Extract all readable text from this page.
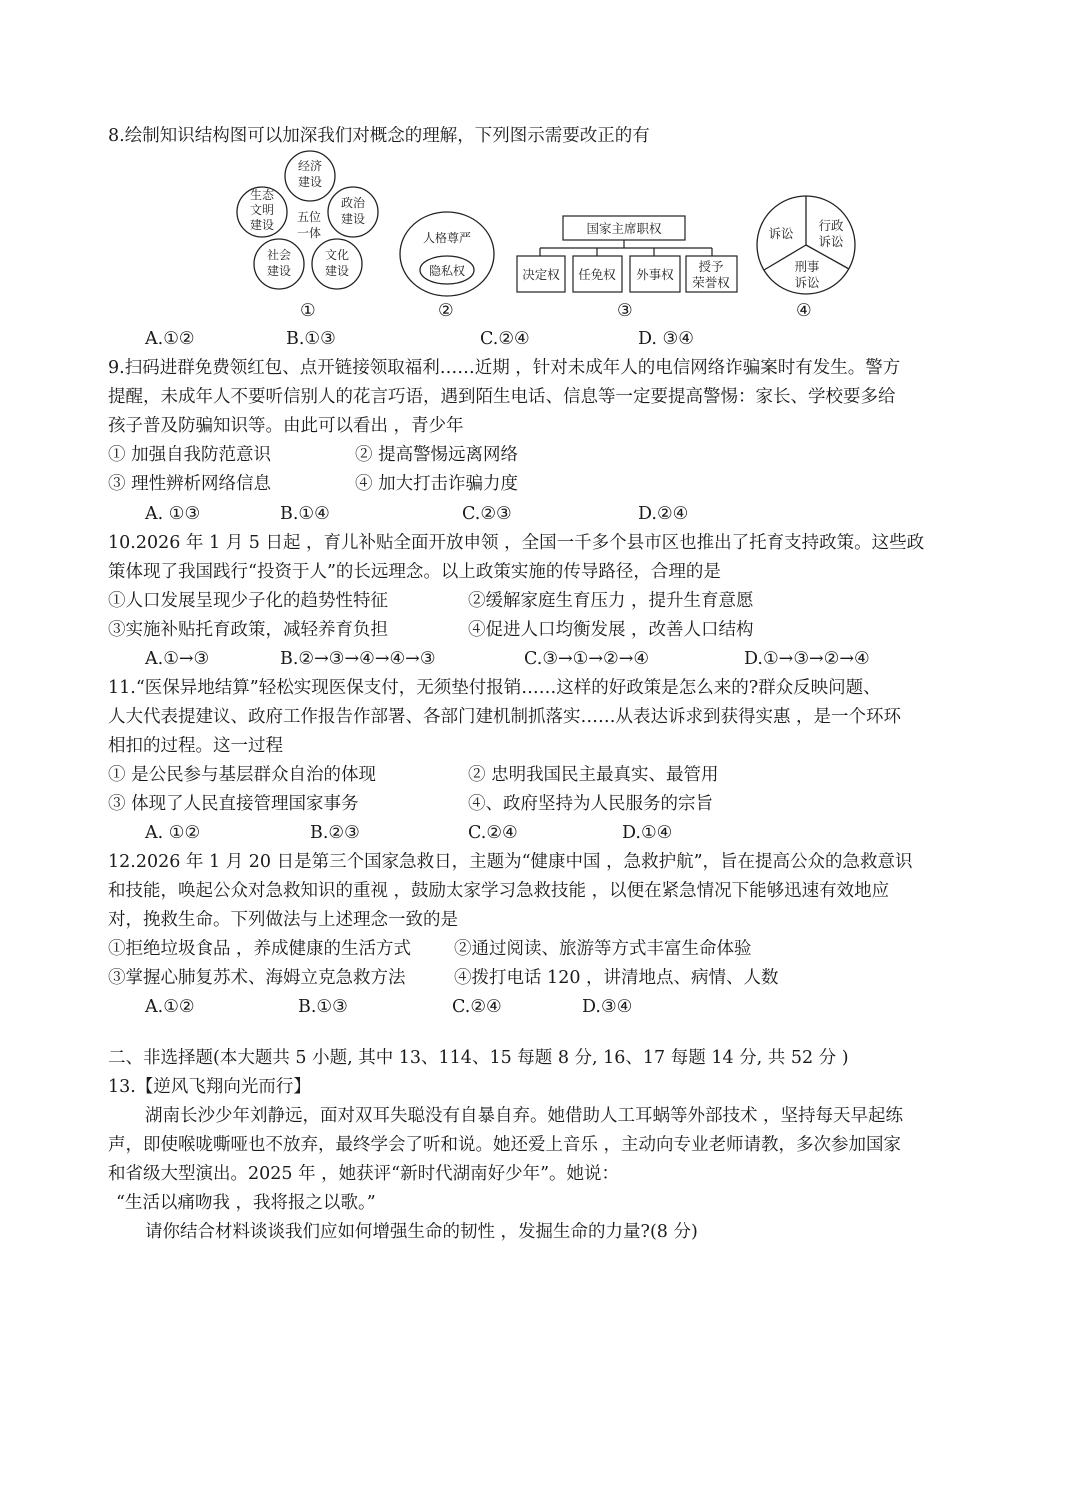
8.绘制知识结构图可以加深我们对概念的理解，下列图示需要改正的有
经济
建设
政治
建设
文化
建设
社会
建设
生态
文明
建设
五位
一体
①
人格尊严
隐私权
②
国家主席职权
决定权 任免权 外事权
授予
荣誉权
③
诉讼
行政
诉讼
刑事
诉讼
④
A.①②	B.①③	C.②④	D. ③④
9.扫码进群免费领红包、点开链接领取福利……近期 ，针对未成年人的电信网络诈骗案时有发生。警方
提醒，未成年人不要听信别人的花言巧语，遇到陌生电话、信息等一定要提高警惕：家长、学校要多给
孩子普及防骗知识等。由此可以看出 ，青少年
① 加强自我防范意识	② 提高警惕远离网络
③ 理性辨析网络信息	④ 加大打击诈骗力度
A. ①③	B.①④	C.②③	D.②④
10.2026 年 1 月 5 日起 ，育儿补贴全面开放申领 ，全国一千多个县市区也推出了托育支持政策。这些政
策体现了我国践行“投资于人”的长远理念。以上政策实施的传导路径，合理的是
①人口发展呈现少子化的趋势性特征	②缓解家庭生育压力 ，提升生育意愿
③实施补贴托育政策，减轻养育负担	④促进人口均衡发展 ，改善人口结构
A.①→③	B.②→③→④→④→③	C.③→①→②→④	D.①→③→②→④
11.“医保异地结算”轻松实现医保支付，无须垫付报销……这样的好政策是怎么来的?群众反映问题、
人大代表提建议、政府工作报告作部署、各部门建机制抓落实……从表达诉求到获得实惠 ，是一个环环
相扣的过程。这一过程
① 是公民参与基层群众自治的体现	② 忠明我国民主最真实、最管用
③ 体现了人民直接管理国家事务	④、政府坚持为人民服务的宗旨
A. ①②	B.②③	C.②④	D.①④
12.2026 年 1 月 20 日是第三个国家急救日，主题为“健康中国 ，急救护航”，旨在提高公众的急救意识
和技能，唤起公众对急救知识的重视 ，鼓励太家学习急救技能 ，以便在紧急情况下能够迅速有效地应
对，挽救生命。下列做法与上述理念一致的是
①拒绝垃圾食品 ，养成健康的生活方式 ②通过阅读、旅游等方式丰富生命体验
③掌握心肺复苏术、海姆立克急救方法	④拨打电话 120 ，讲清地点、病情、人数
A.①②	B.①③	C.②④	D.③④
二、非选择题(本大题共 5 小题, 其中 13、114、15 每题 8 分, 16、17 每题 14 分, 共 52 分 )
13.【逆风飞翔向光而行】
湖南长沙少年刘静远，面对双耳失聪没有自暴自弃。她借助人工耳蜗等外部技术 ，坚持每天早起练
声，即使喉咙嘶哑也不放弃，最终学会了听和说。她还爱上音乐 ，主动向专业老师请教，多次参加国家
和省级大型演出。2025 年 ，她获评“新时代湖南好少年”。她说：
“生活以痛吻我 ，我将报之以歌。”
请你结合材料谈谈我们应如何增强生命的韧性 ，发掘生命的力量?(8 分)
